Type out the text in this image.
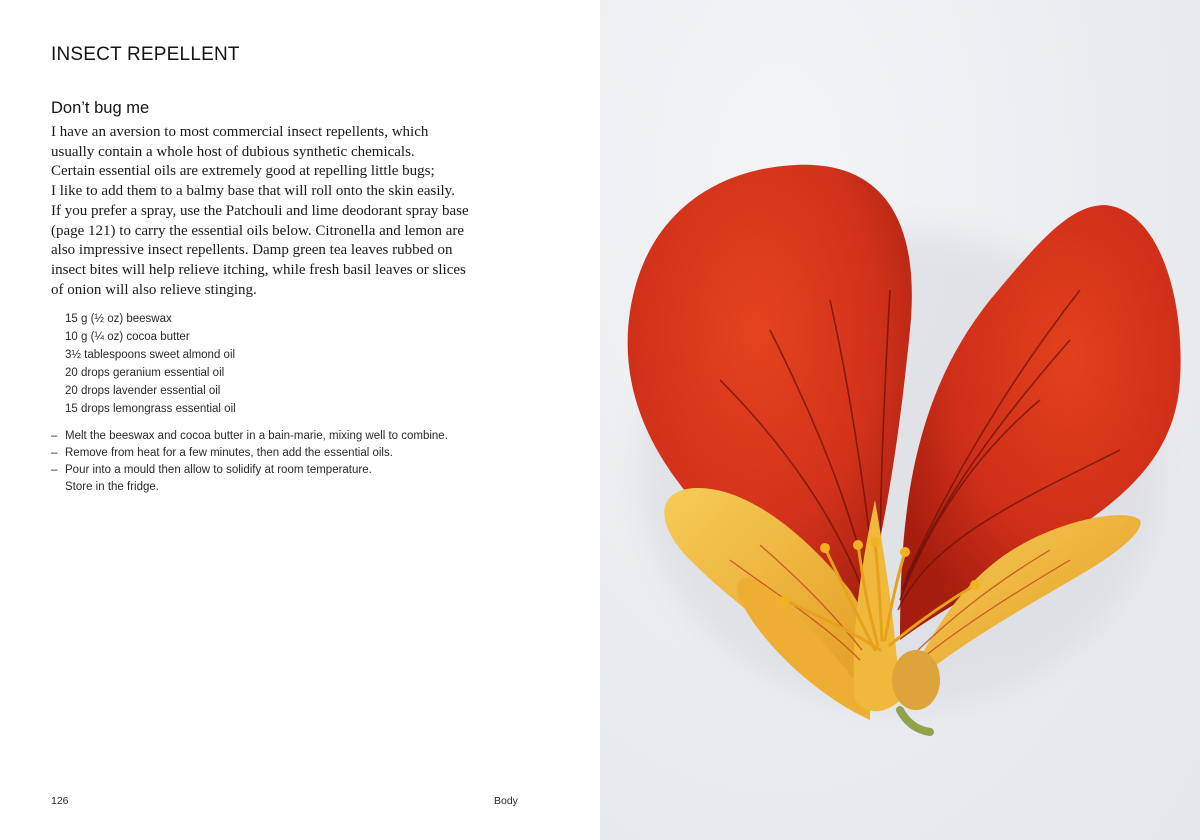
INSECT REPELLENT
Don’t bug me

I have an aversion to most commercial insect repellents, which
usually contain a whole host of dubious synthetic chemicals.
Certain essential oils are extremely good at repelling little bugs;
I like to add them to a balmy base that will roll onto the skin easily.
If you prefer a spray, use the Patchouli and lime deodorant spray base
(page 121) to carry the essential oils below. Citronella and lemon are
also impressive insect repellents. Damp green tea leaves rubbed on
insect bites will help relieve itching, while fresh basil leaves or slices
of onion will also relieve stinging.

15 g (½ oz) beeswax
10 g (¼ oz) cocoa butter
3½ tablespoons sweet almond oil
20 drops geranium essential oil
20 drops lavender essential oil
15 drops lemongrass essential oil
– Melt the beeswax and cocoa butter in a bain-marie, mixing well to combine.
– Remove from heat for a few minutes, then add the essential oils.
– Pour into a mould then allow to solidify at room temperature.
Store in the fridge.
126	Body
